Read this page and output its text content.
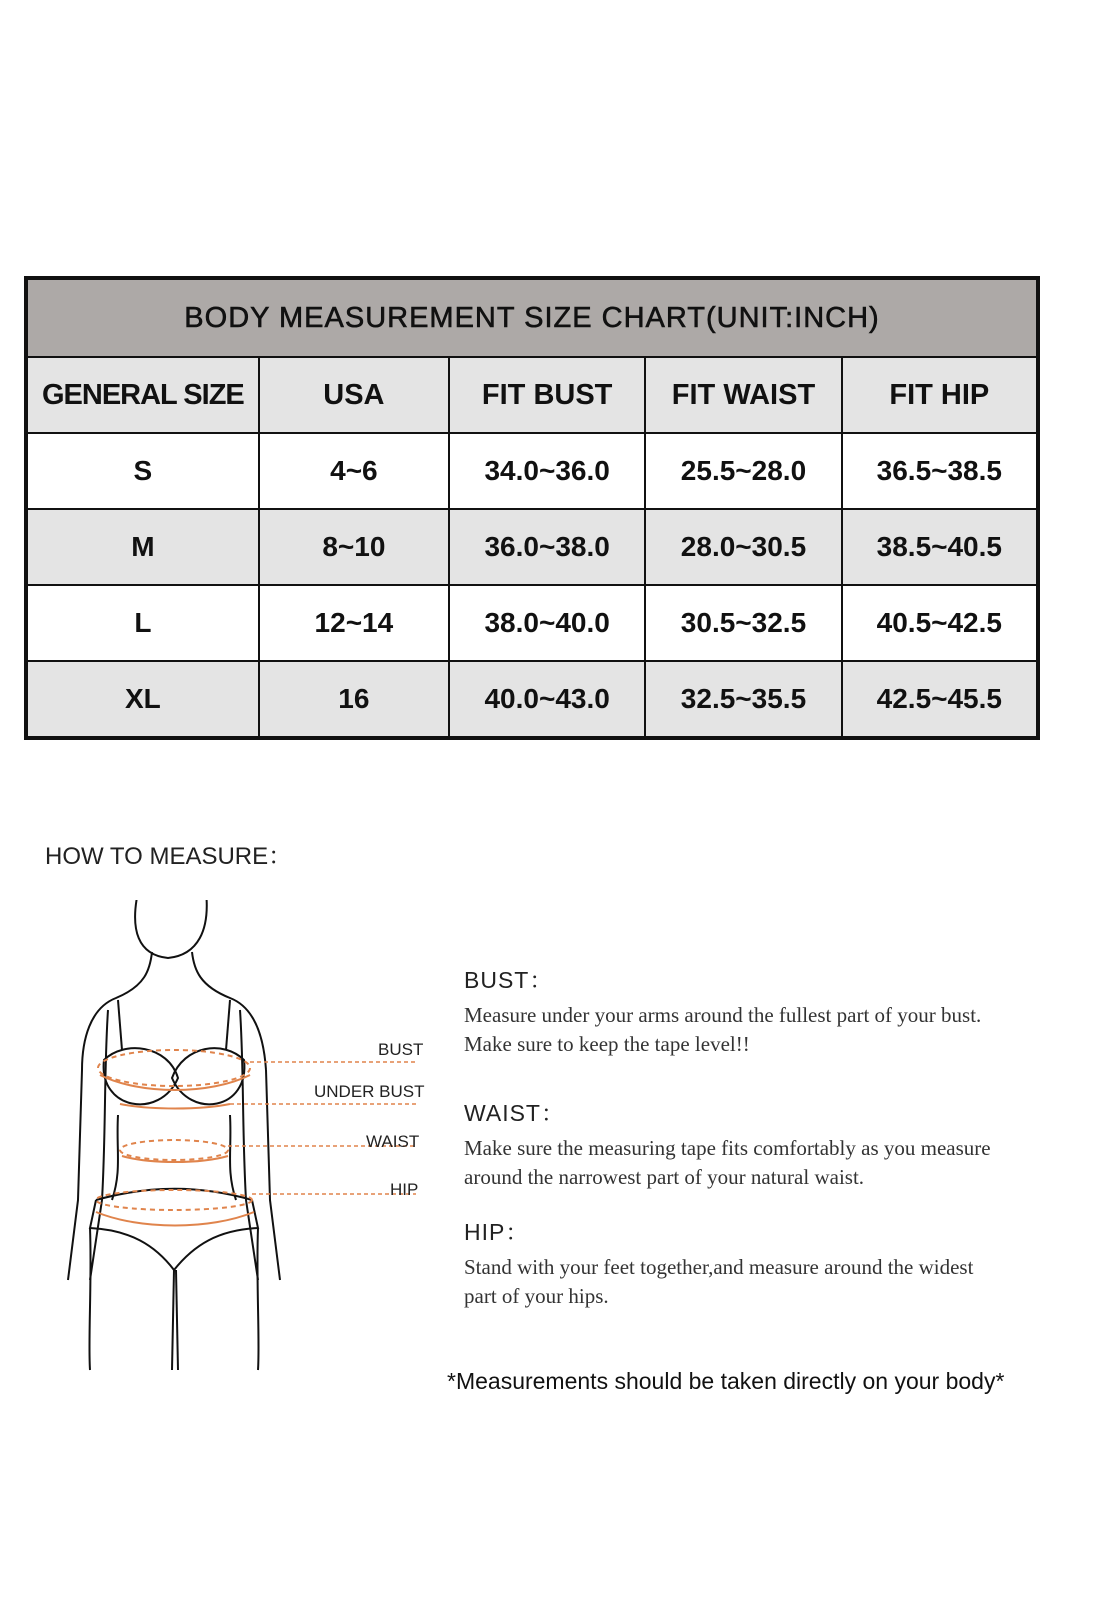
BODY MEASUREMENT SIZE CHART(UNIT:INCH)				
GENERAL SIZE	USA	FIT BUST	FIT WAIST	FIT HIP
S	4~6	34.0~36.0	25.5~28.0	36.5~38.5
M	8~10	36.0~38.0	28.0~30.5	38.5~40.5
L	12~14	38.0~40.0	30.5~32.5	40.5~42.5
XL	16	40.0~43.0	32.5~35.5	42.5~45.5
HOW TO MEASURE：
BUST
UNDER BUST
WAIST
HIP

BUST：

Measure under your arms around the fullest part of your bust.

Make sure to keep the tape level!!

WAIST：

Make sure the measuring tape fits comfortably as you measure

around the narrowest part of your natural waist.

HIP：

Stand with your feet together,and measure around the widest

part of your hips.

*Measurements should be taken directly on your body*
